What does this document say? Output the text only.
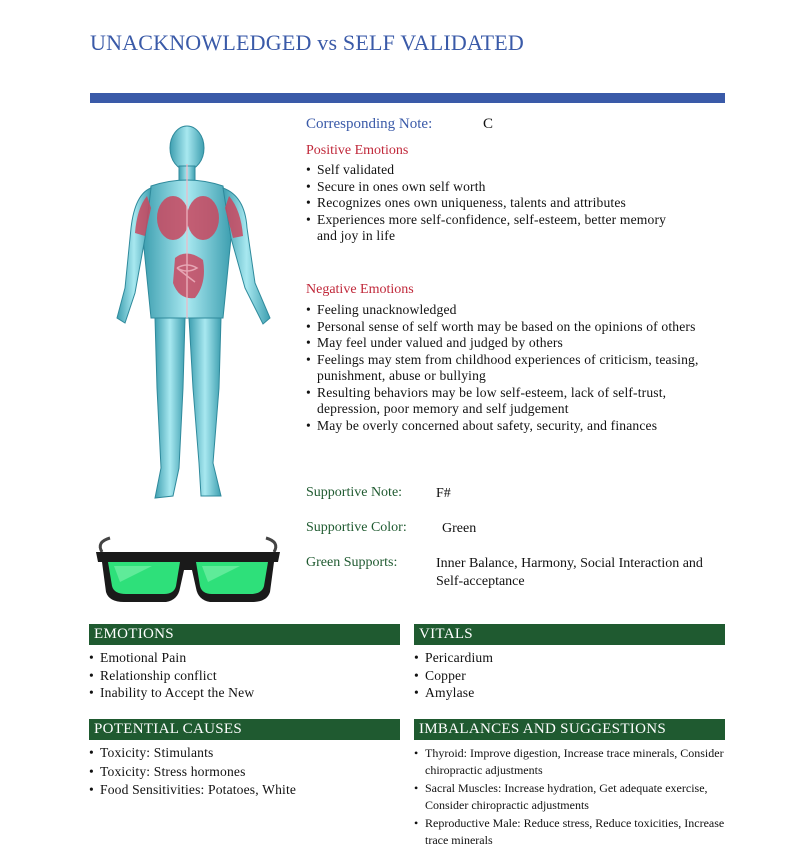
UNACKNOWLEDGED vs SELF VALIDATED
Corresponding Note:	C
Positive Emotions
• Self validated
• Secure in ones own self worth
• Recognizes ones own uniqueness, talents and attributes
• Experiences more self-confidence, self-esteem, better memory and joy in life
Negative Emotions
• Feeling unacknowledged
• Personal sense of self worth may be based on the opinions of others
• May feel under valued and judged by others
• Feelings may stem from childhood experiences of criticism, teasing, punishment, abuse or bullying
• Resulting behaviors may be low self-esteem, lack of self-trust, depression, poor memory and self judgement
• May be overly concerned about safety, security, and finances
Supportive Note: F#
Supportive Color:	Green
Green Supports:	Inner Balance, Harmony, Social Interaction and Self-acceptance
EMOTIONS
• Emotional Pain
• Relationship conflict
• Inability to Accept the New
VITALS
• Pericardium
• Copper
• Amylase
POTENTIAL CAUSES
• Toxicity: Stimulants
• Toxicity: Stress hormones
• Food Sensitivities: Potatoes, White
IMBALANCES AND SUGGESTIONS
• Thyroid: Improve digestion, Increase trace minerals, Consider chiropractic adjustments
• Sacral Muscles: Increase hydration, Get adequate exercise, Consider chiropractic adjustments
• Reproductive Male: Reduce stress, Reduce toxicities, Increase trace minerals
